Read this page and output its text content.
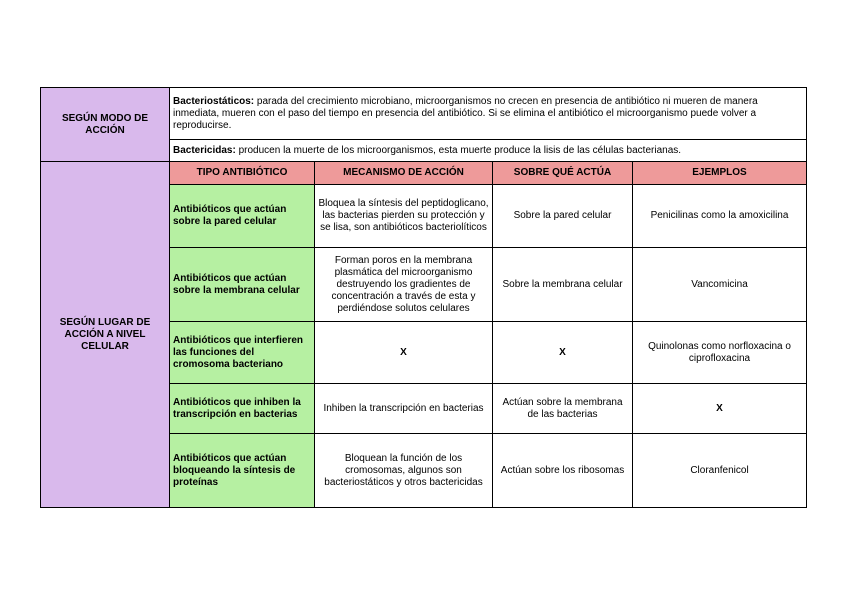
SEGÚN MODO DE ACCIÓN	Bacteriostáticos: parada del crecimiento microbiano, microorganismos no crecen en presencia de antibiótico ni mueren de manera inmediata, mueren con el paso del tiempo en presencia del antibiótico. Si se elimina el antibiótico el microorganismo puede volver a reproducirse.			
	Bactericidas: producen la muerte de los microorganismos, esta muerte produce la lisis de las células bacterianas.			
SEGÚN LUGAR DE ACCIÓN A NIVEL CELULAR	TIPO ANTIBIÓTICO	MECANISMO DE ACCIÓN	SOBRE QUÉ ACTÚA	EJEMPLOS
	Antibióticos que actúan sobre la pared celular	Bloquea la síntesis del peptidoglicano, las bacterias pierden su protección y se lisa, son antibióticos bacteriolíticos	Sobre la pared celular	Penicilinas como la amoxicilina
	Antibióticos que actúan sobre la membrana celular	Forman poros en la membrana plasmática del microorganismo destruyendo los gradientes de concentración a través de esta y perdiéndose solutos celulares	Sobre la membrana celular	Vancomicina
	Antibióticos que interfieren las funciones del cromosoma bacteriano	X	X	Quinolonas como norfloxacina o ciprofloxacina
	Antibióticos que inhiben la transcripción en bacterias	Inhiben la transcripción en bacterias	Actúan sobre la membrana de las bacterias	X
	Antibióticos que actúan bloqueando la síntesis de proteínas	Bloquean la función de los cromosomas, algunos son bacteriostáticos y otros bactericidas	Actúan sobre los ribosomas	Cloranfenicol
